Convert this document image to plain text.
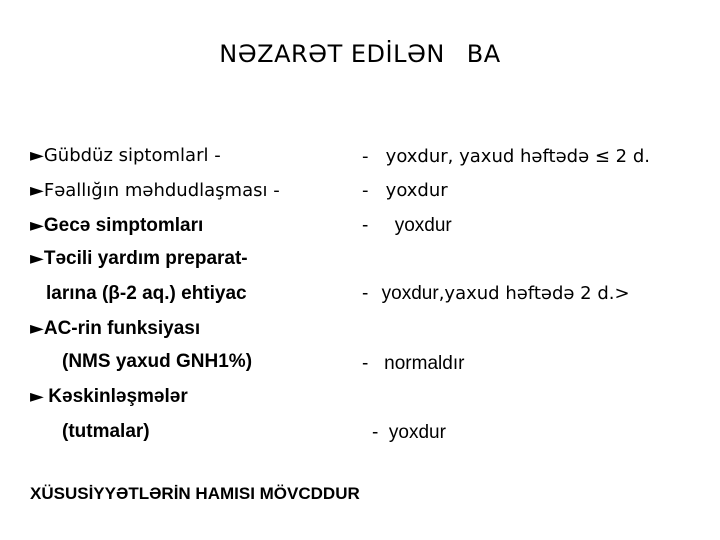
NƏZARƏT EDİLƏN BA
►Gübdüz siptomlarl -	- yoxdur, yaxud həftədə ≤ 2 d.
►Fəallığın məhdudlaşması -	- yoxdur
►Gecə simptomları	- yoxdur
►Təcili yardım preparat-
larına (β-2 aq.) ehtiyac	- yoxdur,yaxud həftədə 2 d.>
►AC-rin funksiyası
(NMS yaxud GNH1%)	- normaldır
► Kəskinləşmələr
(tutmalar)	- yoxdur
XÜSUSİYYƏTLƏRİN HAMISI MÖVCDDUR
